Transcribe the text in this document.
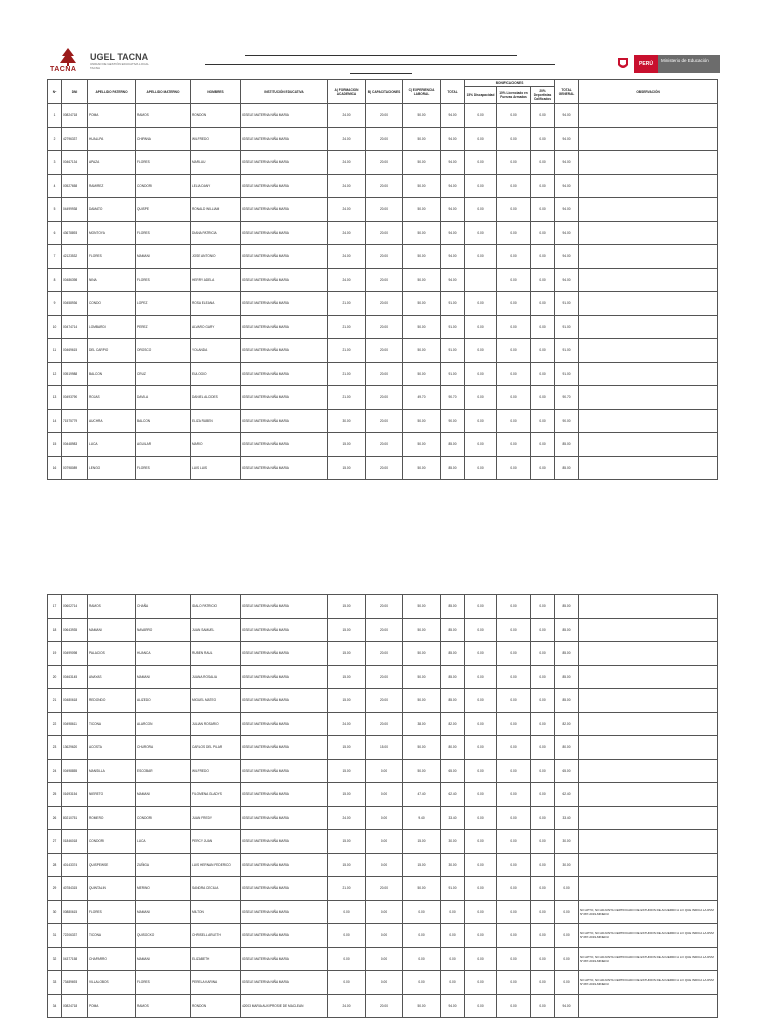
TACNA
UGEL TACNA
UNIDAD DE GESTIÓN EDUCATIVA LOCAL TACNA
PERÚ
Ministerio de Educación
Nº	DNI	APELLIDO PATERNO	APELLIDO MATERNO	NOMBRES	INSTITUCIÓN EDUCATIVA	A) FORMACION ACADEMICA	B) CAPACITACIONES	C) EXPERIENCIA LABORAL	TOTAL	BONIFICACIONES			TOTAL GENERAL	OBSERVACIÓN
										15% Discapacidad	10% Licenciado en Fuerzas Armadas	20% Deportistas Calificados		
1	00824718	POMA	RAMOS	RONDON	IGSELE MATERNA NIÑA MARIA	24.00	20.00	50.00	94.00	0.00	0.00	0.00	94.00	
2	42796337	HUALLPA	CHIPANA	WILFREDO	IGSELE MATERNA NIÑA MARIA	24.00	20.00	50.00	94.00	0.00	0.00	0.00	94.00	
3	00467134	APAZA	FLORES	MARLUU	IGSELE MATERNA NIÑA MARIA	24.00	20.00	50.00	94.00	0.00	0.00	0.00	94.00	
4	00527658	RAMIREZ	CONDORI	LELIA DANY	IGSELE MATERNA NIÑA MARIA	24.00	20.00	50.00	94.00	0.00	0.00	0.00	94.00	
5	04499938	DAMATO	QUISPE	RONALD WILLIAM	IGSELE MATERNA NIÑA MARIA	24.00	20.00	50.00	94.00	0.00	0.00	0.00	94.00	
6	43678893	MONTOYA	FLORES	DIANA PATRICIA	IGSELE MATERNA NIÑA MARIA	24.00	20.00	50.00	94.00	0.00	0.00	0.00	94.00	
7	42123532	FLORES	MAMANI	JOSE ANTONIO	IGSELE MATERNA NIÑA MARIA	24.00	20.00	50.00	94.00	0.00	0.00	0.00	94.00	
8	00486398	NINA	FLORES	HERRY ADELA	IGSELE MATERNA NIÑA MARIA	24.00	20.00	50.00	94.00		0.00	0.00	94.00	
9	00458936	CONDO	LOPEZ	ROSA ELEANA	IGSELE MATERNA NIÑA MARIA	21.00	20.00	50.00	91.00	0.00	0.00	0.00	91.00	
10	00474714	LOMBARDI	PEREZ	ALVARO GARY	IGSELE MATERNA NIÑA MARIA	21.00	20.00	50.00	91.00	0.00	0.00	0.00	91.00	
11	00469615	DEL CARPIO	OROSCO	YOLANDA	IGSELE MATERNA NIÑA MARIA	21.00	20.00	50.00	91.00	0.00	0.00	0.00	91.00	
12	00519988	BALCON	CRUZ	EULOGIO	IGSELE MATERNA NIÑA MARIA	21.00	20.00	50.00	91.00	0.00	0.00	0.00	91.00	
13	00493790	ROJAS	DAVILA	DANIEL ALCIDES	IGSELE MATERNA NIÑA MARIA	21.00	20.00	49.70	90.70	0.00	0.00	0.00	90.70	
14	71575779	AUCHRA	BALCON	ELIZA RUBEN	IGSELE MATERNA NIÑA MARIA	30.00	20.00	50.00	90.00	0.00	0.00	0.00	90.00	
15	00448983	LUCA	AGUILAR	MARIO	IGSELE MATERNA NIÑA MARIA	15.00	20.00	50.00	85.00	0.00	0.00	0.00	85.00	
16	00798089	LENGO	FLORES	LUIS LUIS	IGSELE MATERNA NIÑA MARIA	15.00	20.00	50.00	85.00	0.00	0.00	0.00	85.00	
17	00602714	RAMOS	CHAÑA	IDALO PATRICIO	IGSELE MATERNA NIÑA MARIA	15.00	20.00	50.00	85.00	0.00	0.00	0.00	85.00	
18	00643935	MAMANI	NAVARRO	JUAN SAMUEL	IGSELE MATERNA NIÑA MARIA	15.00	20.00	50.00	85.00	0.00	0.00	0.00	85.00	
19	00499098	PALACIOS	HUANCA	RUBEN RAUL	IGSELE MATERNA NIÑA MARIA	15.00	20.00	50.00	85.00	0.00	0.00	0.00	85.00	
20	00463145	ANAYAS	MAMANI	JUANA ROSALIA	IGSELE MATERNA NIÑA MARIA	15.00	20.00	50.00	85.00	0.00	0.00	0.00	85.00	
21	00480618	REDONDO	ALIZEDO	MIGUEL MATEO	IGSELE MATERNA NIÑA MARIA	15.00	20.00	50.00	85.00	0.00	0.00	0.00	85.00	
22	00498611	TICONA	ALARCON	JULIAN ROSARIO	IGSELE MATERNA NIÑA MARIA	24.00	20.00	38.00	82.00	0.00	0.00	0.00	82.00	
23	13629620	ACOSTA	CHURORA	CARLOS DEL PILAR	IGSELE MATERNA NIÑA MARIA	15.00	15.00	50.00	80.00	0.00	0.00	0.00	80.00	
24	00498855	MANSILLA	ESCOBAR	WILFREDO	IGSELE MATERNA NIÑA MARIA	15.00	0.00	50.00	65.00	0.00	0.00	0.00	65.00	
25	01693154	NIERETO	MAMANI	FILOMENA GLADYS	IGSELE MATERNA NIÑA MARIA	15.00	0.00	47.40	62.40	0.00	0.00	0.00	62.40	
26	80210751	ROMERO	CONDORI	JUAN FREDY	IGSELE MATERNA NIÑA MARIA	24.00	0.00	9.40	33.40	0.00	0.00	0.00	33.40	
27	01846018	CONDORI	LUCA	PERCY JUAN	IGSELE MATERNA NIÑA MARIA	15.00	0.00	15.00	30.00	0.00	0.00	0.00	30.00	
28	40143374	QUISPEWSE	ZUÑIGA	LUIS HERNAN FEDERICO	IGSELE MATERNA NIÑA MARIA	15.00	0.00	15.00	30.00	0.00	0.00	0.00	30.00	
29	40784315	QUINTALIN	MERINO	SANDRA CECILIA	IGSELE MATERNA NIÑA MARIA	21.00	20.00	50.00	91.00	0.00	0.00	0.00	0.00	
30	00880615	FLORES	MAMANI	MILTON	IGSELE MATERNA NIÑA MARIA	0.00	0.00	0.00	0.00	0.00	0.00	0.00	0.00	NO APTO, NO ADJUNTA CERTIFICADO DE ESTUDIOS DE ACUERDO A LO QUE INDICA LA RVM N°287-2019-MINEDU
31	72206337	TICONA	QUISOCKO	CHRISELL ARLETH	IGSELE MATERNA NIÑA MARIA	0.00	0.00	0.00	0.00	0.00	0.00	0.00	0.00	NO APTO, NO ADJUNTA CERTIFICADO DE ESTUDIOS DE ACUERDO A LO QUE INDICA LA RVM N°287-2019-MINEDU
32	04377158	CHAPARRO	MAMANI	ELIZABETH	IGSELE MATERNA NIÑA MARIA	0.00	0.00	0.00	0.00	0.00	0.00	0.00	0.00	NO APTO, NO ADJUNTA CERTIFICADO DE ESTUDIOS DE ACUERDO A LO QUE INDICA LA RVM N°287-2019-MINEDU
33	73489693	VILLALOBOS	FLORES	PERELA KARINA	IGSELE MATERNA NIÑA MARIA	0.00	0.00	0.00	0.00	0.00	0.00	0.00	0.00	NO APTO, NO ADJUNTA CERTIFICADO DE ESTUDIOS DE ACUERDO A LO QUE INDICA LA RVM N°287-2019-MINEDU
34	00824718	POMA	RAMOS	RONDON	42003 MARIA AUXIPROSIE DE MACLEAN	24.00	20.00	50.00	94.00	0.00	0.00	0.00	94.00	
